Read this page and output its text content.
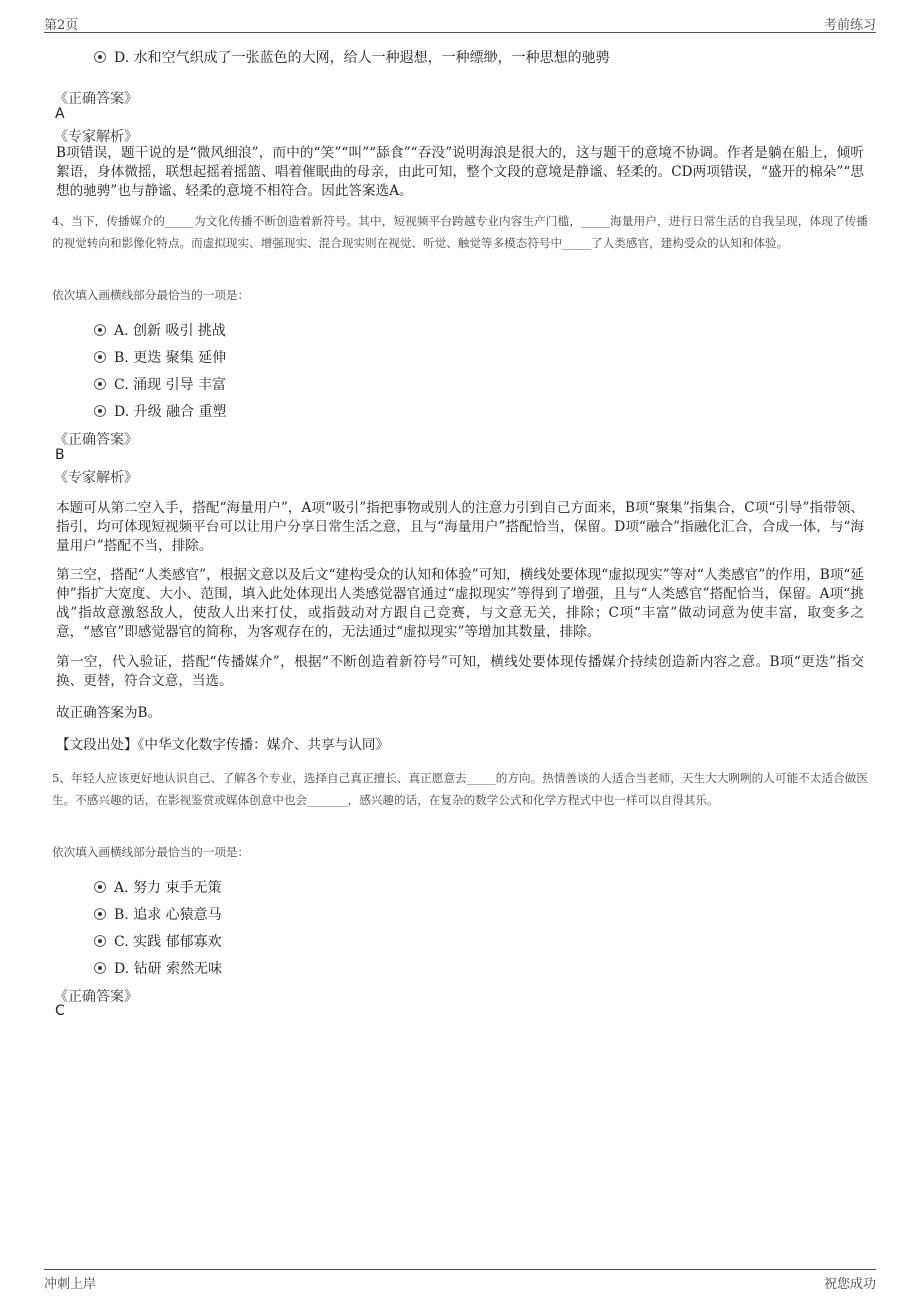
第2页	考前练习
D. 水和空气织成了一张蓝色的大网，给人一种遐想，一种缥缈，一种思想的驰骋
《正确答案》
A
《专家解析》
B项错误，题干说的是“微风细浪”，而中的“笑”“叫”“舔食”“吞没”说明海浪是很大的，这与题干的意境不协调。作者是躺在船上，倾听絮语，身体微摇，联想起摇着摇篮、唱着催眠曲的母亲，由此可知，整个文段的意境是静谧、轻柔的。CD两项错误，“盛开的棉朵”“思想的驰骋”也与静谧、轻柔的意境不相符合。因此答案选A。
4、当下，传播媒介的_____为文化传播不断创造着新符号。其中，短视频平台跨越专业内容生产门槛，_____海量用户，进行日常生活的自我呈现，体现了传播的视觉转向和影像化特点。而虚拟现实、增强现实、混合现实则在视觉、听觉、触觉等多模态符号中_____了人类感官，建构受众的认知和体验。
依次填入画横线部分最恰当的一项是：
A. 创新 吸引 挑战
B. 更迭 聚集 延伸
C. 涌现 引导 丰富
D. 升级 融合 重塑
《正确答案》
B
《专家解析》
本题可从第二空入手，搭配“海量用户”，A项“吸引”指把事物或别人的注意力引到自己方面来，B项“聚集”指集合，C项“引导”指带领、指引，均可体现短视频平台可以让用户分享日常生活之意，且与“海量用户”搭配恰当，保留。D项“融合”指融化汇合，合成一体，与“海量用户”搭配不当，排除。
第三空，搭配“人类感官”，根据文意以及后文“建构受众的认知和体验”可知，横线处要体现“虚拟现实”等对“人类感官”的作用，B项“延伸”指扩大宽度、大小、范围，填入此处体现出人类感觉器官通过“虚拟现实”等得到了增强，且与“人类感官”搭配恰当，保留。A项“挑战”指故意激怒敌人，使敌人出来打仗，或指鼓动对方跟自己竞赛，与文意无关，排除；C项“丰富”做动词意为使丰富，取变多之意，“感官”即感觉器官的简称，为客观存在的，无法通过“虚拟现实”等增加其数量，排除。
第一空，代入验证，搭配“传播媒介”，根据“不断创造着新符号”可知，横线处要体现传播媒介持续创造新内容之意。B项“更迭”指交换、更替，符合文意，当选。
故正确答案为B。
【文段出处】《中华文化数字传播：媒介、共享与认同》
5、年轻人应该更好地认识自己、了解各个专业，选择自己真正擅长、真正愿意去_____的方向。热情善谈的人适合当老师，天生大大咧咧的人可能不太适合做医生。不感兴趣的话，在影视鉴赏或媒体创意中也会_______，感兴趣的话，在复杂的数学公式和化学方程式中也一样可以自得其乐。
依次填入画横线部分最恰当的一项是：
A. 努力 束手无策
B. 追求 心猿意马
C. 实践 郁郁寡欢
D. 钻研 索然无味
《正确答案》
C
冲刺上岸	祝您成功
